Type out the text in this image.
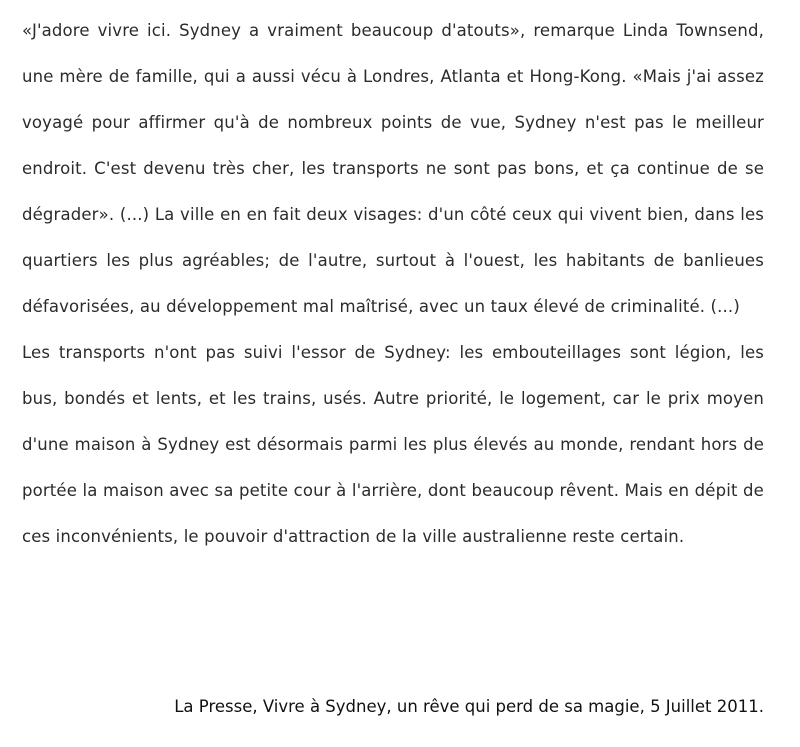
«J'adore vivre ici. Sydney a vraiment beaucoup d'atouts», remarque Linda Townsend, une mère de famille, qui a aussi vécu à Londres, Atlanta et Hong-Kong. «Mais j'ai assez voyagé pour affirmer qu'à de nombreux points de vue, Sydney n'est pas le meilleur endroit. C'est devenu très cher, les transports ne sont pas bons, et ça continue de se dégrader». (...) La ville en en fait deux visages: d'un côté ceux qui vivent bien, dans les quartiers les plus agréables; de l'autre, surtout à l'ouest, les habitants de banlieues défavorisées, au développement mal maîtrisé, avec un taux élevé de criminalité. (...)

Les transports n'ont pas suivi l'essor de Sydney: les embouteillages sont légion, les bus, bondés et lents, et les trains, usés. Autre priorité, le logement, car le prix moyen d'une maison à Sydney est désormais parmi les plus élevés au monde, rendant hors de portée la maison avec sa petite cour à l'arrière, dont beaucoup rêvent. Mais en dépit de ces inconvénients, le pouvoir d'attraction de la ville australienne reste certain.

La Presse, Vivre à Sydney, un rêve qui perd de sa magie, 5 Juillet 2011.
